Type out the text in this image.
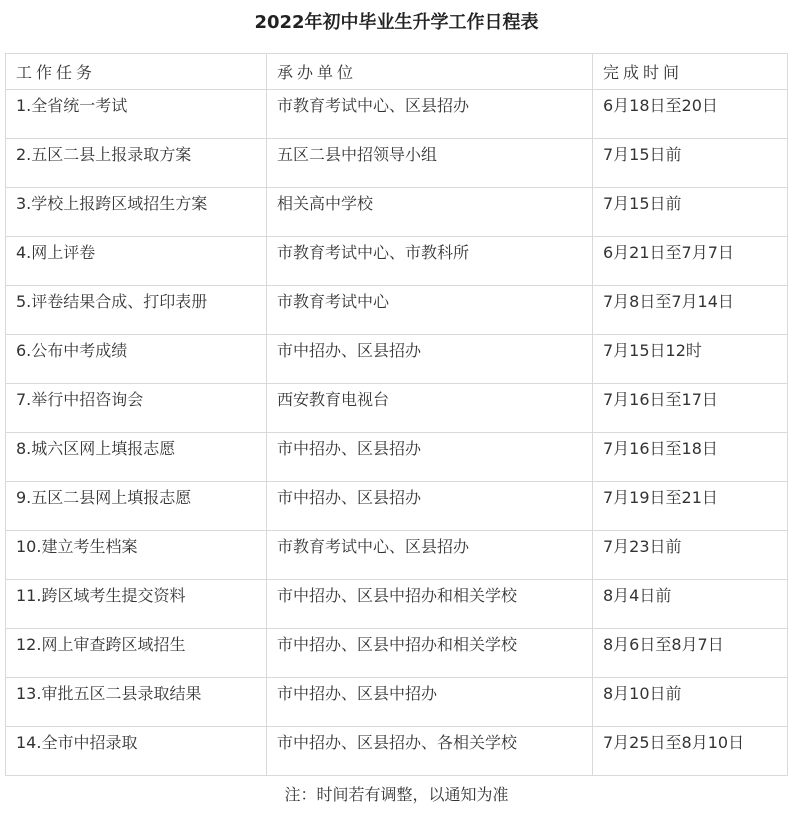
2022年初中毕业生升学工作日程表
工作任务	承办单位	完成时间
1.全省统一考试	市教育考试中心、区县招办	6月18日至20日
2.五区二县上报录取方案	五区二县中招领导小组	7月15日前
3.学校上报跨区域招生方案	相关高中学校	7月15日前
4.网上评卷	市教育考试中心、市教科所	6月21日至7月7日
5.评卷结果合成、打印表册	市教育考试中心	7月8日至7月14日
6.公布中考成绩	市中招办、区县招办	7月15日12时
7.举行中招咨询会	西安教育电视台	7月16日至17日
8.城六区网上填报志愿	市中招办、区县招办	7月16日至18日
9.五区二县网上填报志愿	市中招办、区县招办	7月19日至21日
10.建立考生档案	市教育考试中心、区县招办	7月23日前
11.跨区域考生提交资料	市中招办、区县中招办和相关学校	8月4日前
12.网上审查跨区域招生	市中招办、区县中招办和相关学校	8月6日至8月7日
13.审批五区二县录取结果	市中招办、区县中招办	8月10日前
14.全市中招录取	市中招办、区县招办、各相关学校	7月25日至8月10日
注：时间若有调整，以通知为准
